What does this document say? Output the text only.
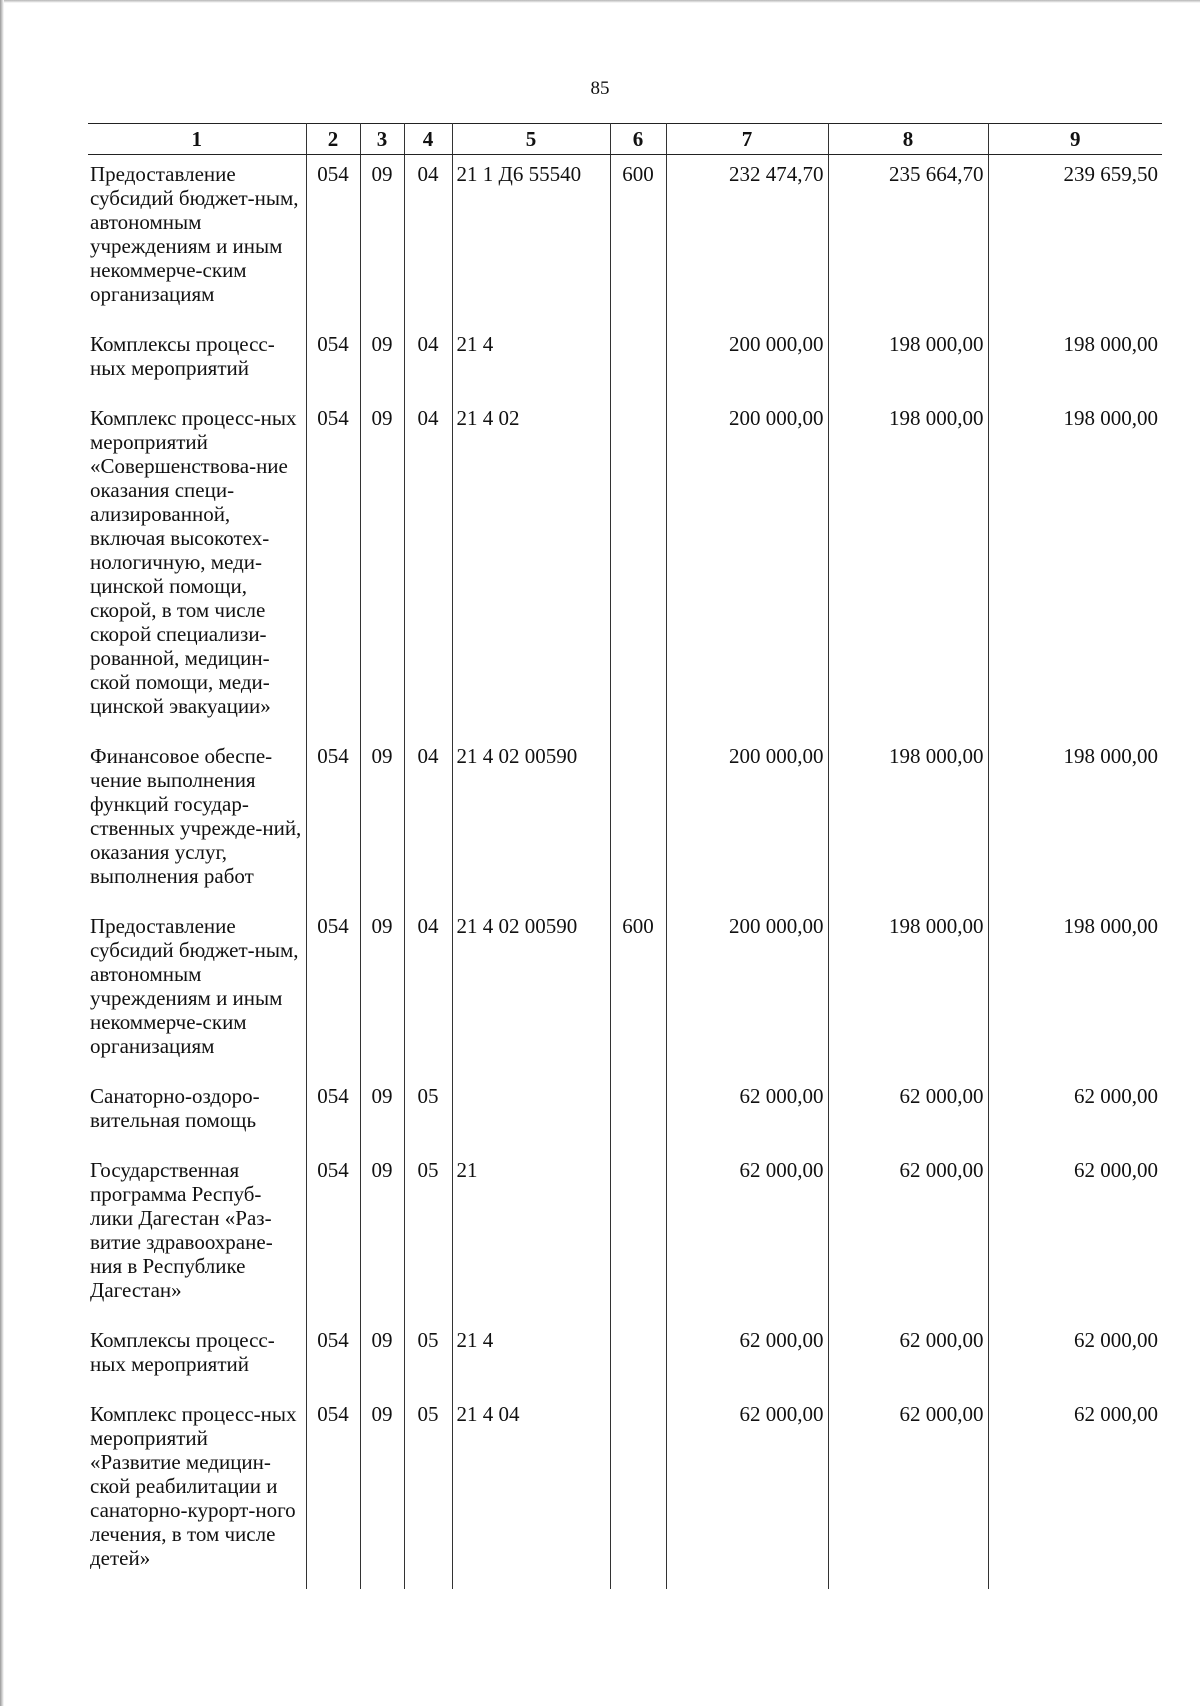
85
1	2	3	4	5	6	7	8	9
Предоставление субсидий бюджет-ным, автономным учреждениям и иным некоммерче-ским организациям	054	09	04	21 1 Д6 55540	600	232 474,70	235 664,70	239 659,50
Комплексы процесс-ных мероприятий	054	09	04	21 4		200 000,00	198 000,00	198 000,00
Комплекс процесс-ных мероприятий «Совершенствова-ние оказания специ-ализированной, включая высокотех-нологичную, меди-цинской помощи, скорой, в том числе скорой специализи-рованной, медицин-ской помощи, меди-цинской эвакуации»	054	09	04	21 4 02		200 000,00	198 000,00	198 000,00
Финансовое обеспе-чение выполнения функций государ-ственных учрежде-ний, оказания услуг, выполнения работ	054	09	04	21 4 02 00590		200 000,00	198 000,00	198 000,00
Предоставление субсидий бюджет-ным, автономным учреждениям и иным некоммерче-ским организациям	054	09	04	21 4 02 00590	600	200 000,00	198 000,00	198 000,00
Санаторно-оздоро-вительная помощь	054	09	05			62 000,00	62 000,00	62 000,00
Государственная программа Респуб-лики Дагестан «Раз-витие здравоохране-ния в Республике Дагестан»	054	09	05	21		62 000,00	62 000,00	62 000,00
Комплексы процесс-ных мероприятий	054	09	05	21 4		62 000,00	62 000,00	62 000,00
Комплекс процесс-ных мероприятий «Развитие медицин-ской реабилитации и санаторно-курорт-ного лечения, в том числе детей»	054	09	05	21 4 04		62 000,00	62 000,00	62 000,00
